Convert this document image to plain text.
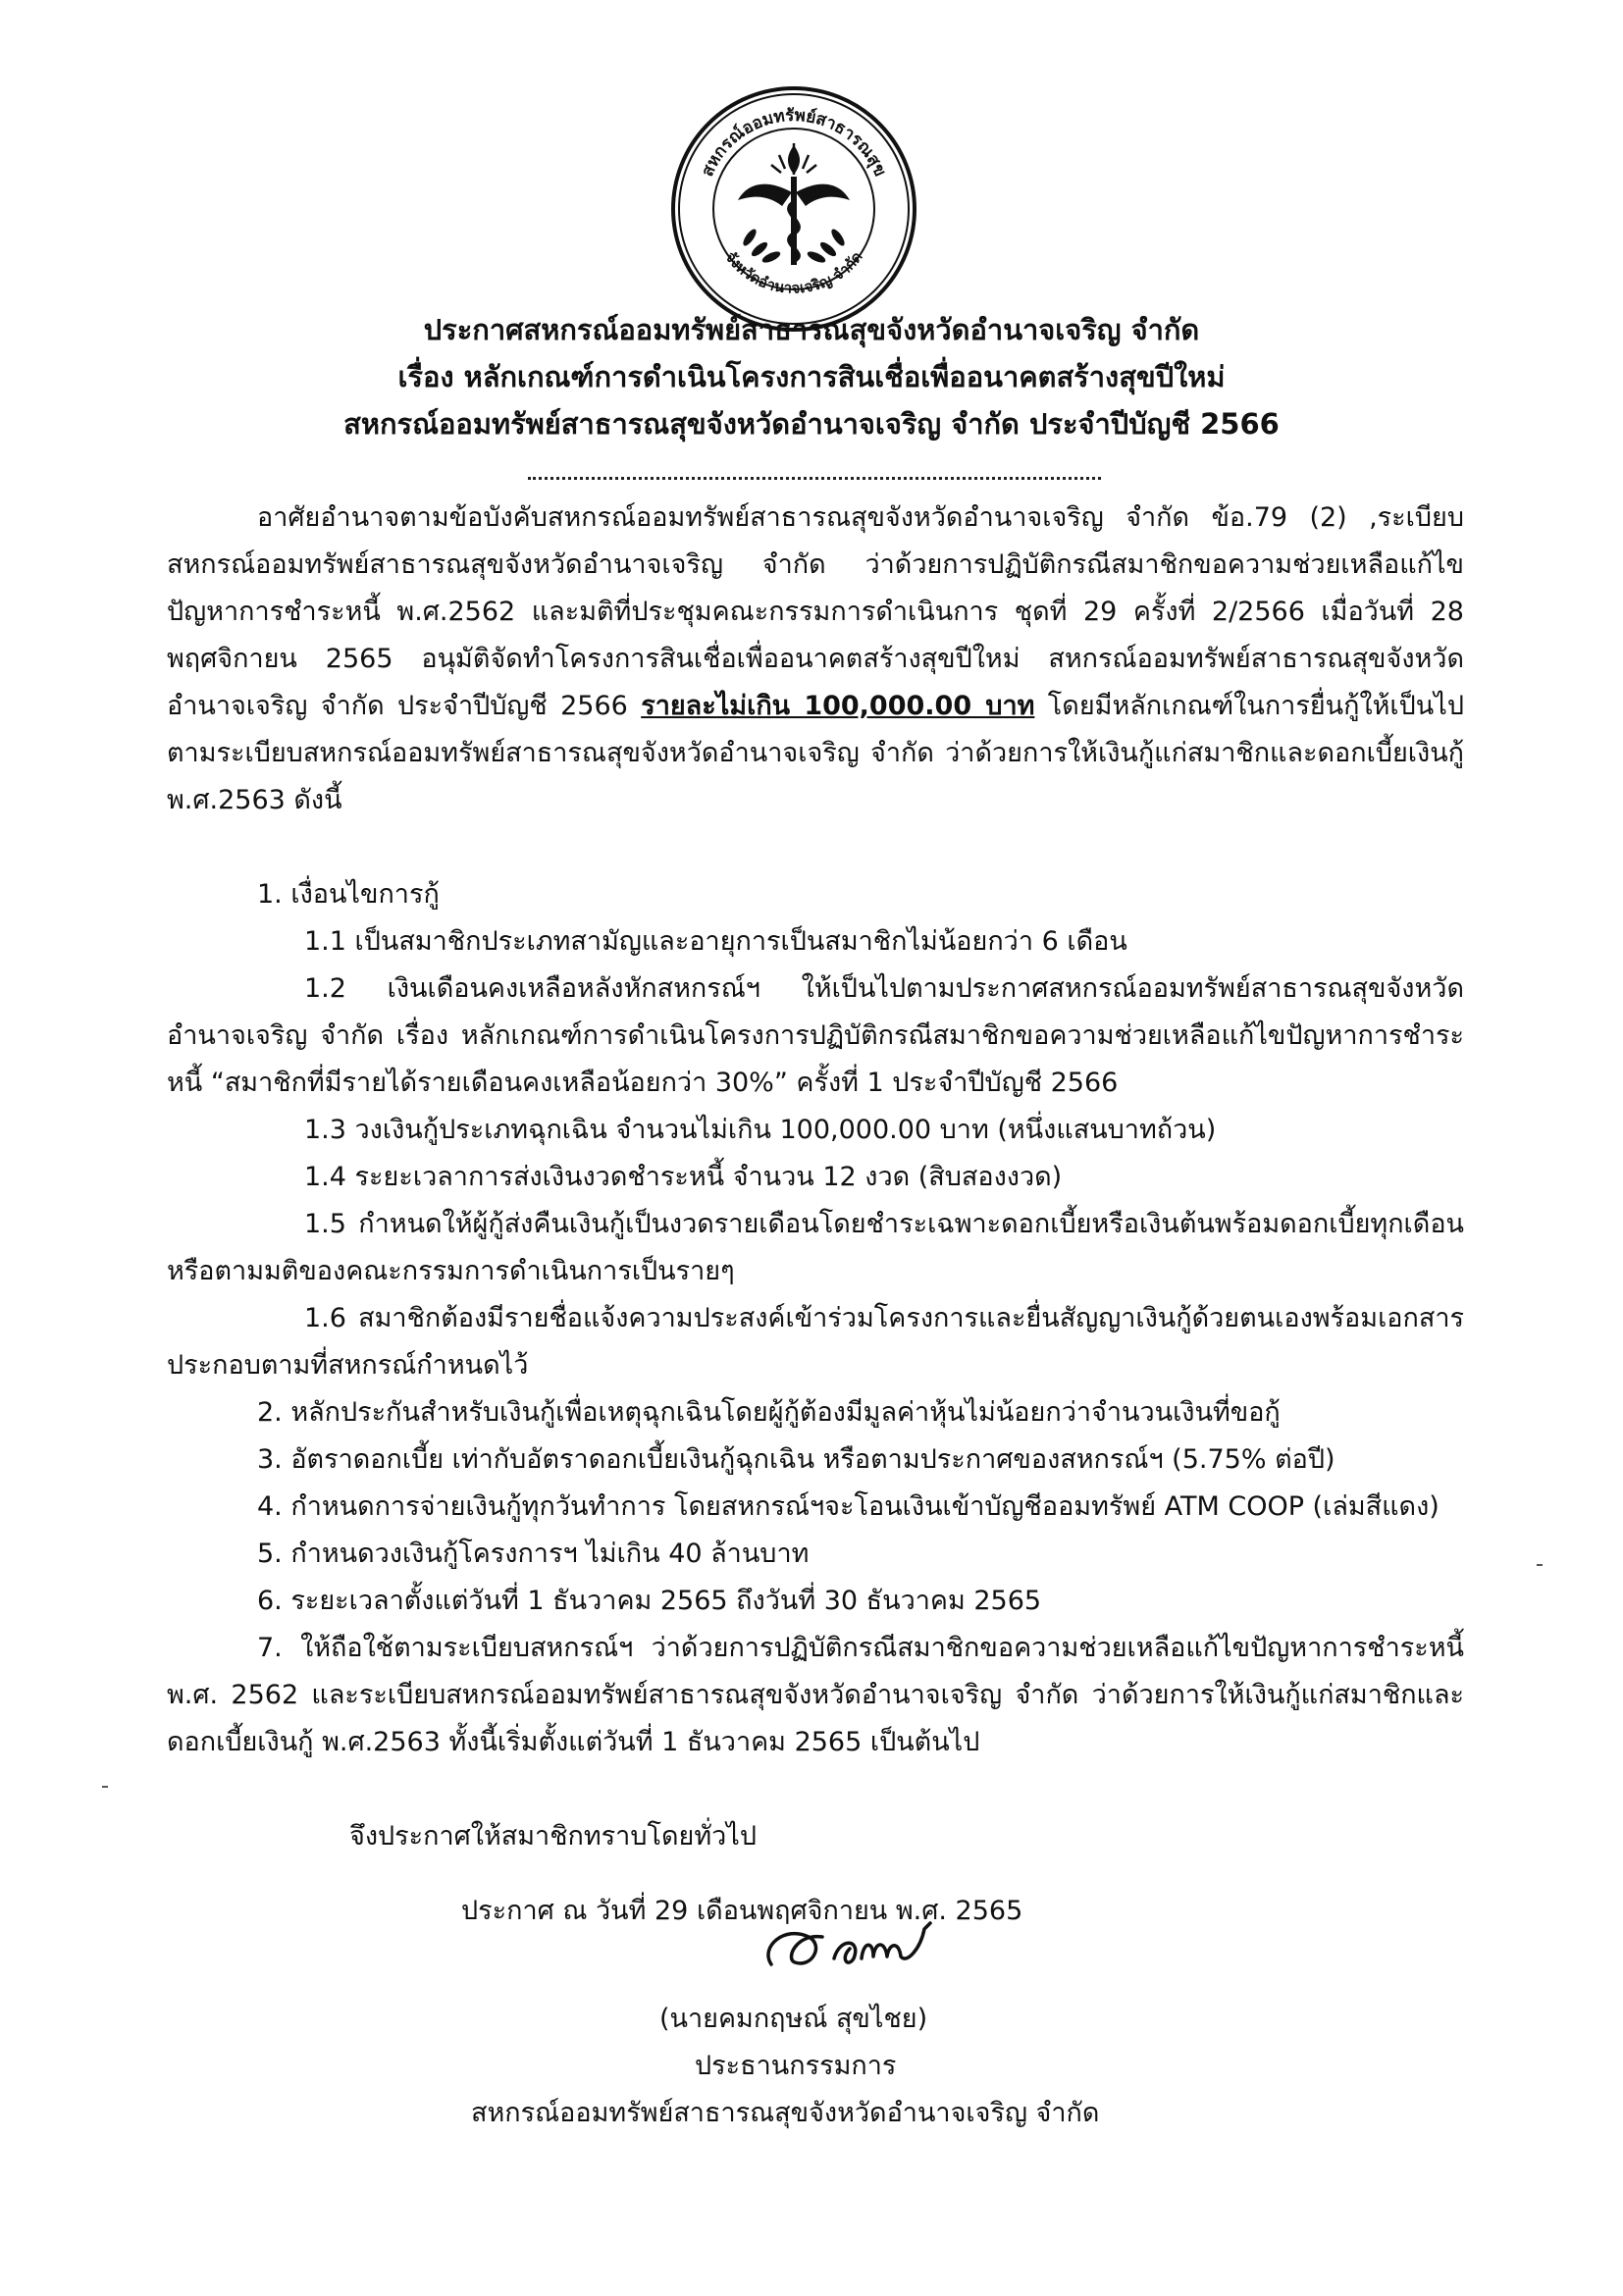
สหกรณ์ออมทรัพย์สาธารณสุข
จังหวัดอำนาจเจริญ จำกัด
ประกาศสหกรณ์ออมทรัพย์สาธารณสุขจังหวัดอำนาจเจริญ จำกัด
เรื่อง หลักเกณฑ์การดำเนินโครงการสินเชื่อเพื่ออนาคตสร้างสุขปีใหม่
สหกรณ์ออมทรัพย์สาธารณสุขจังหวัดอำนาจเจริญ จำกัด ประจำปีบัญชี 2566

อาศัยอำนาจตามข้อบังคับสหกรณ์ออมทรัพย์สาธารณสุขจังหวัดอำนาจเจริญ จำกัด ข้อ.79 (2) ,ระเบียบสหกรณ์ออมทรัพย์สาธารณสุขจังหวัดอำนาจเจริญ จำกัด ว่าด้วยการปฏิบัติกรณีสมาชิกขอความช่วยเหลือแก้ไขปัญหาการชำระหนี้ พ.ศ.2562 และมติที่ประชุมคณะกรรมการดำเนินการ ชุดที่ 29 ครั้งที่ 2/2566 เมื่อวันที่ 28 พฤศจิกายน 2565 อนุมัติจัดทำโครงการสินเชื่อเพื่ออนาคตสร้างสุขปีใหม่ สหกรณ์ออมทรัพย์สาธารณสุขจังหวัดอำนาจเจริญ จำกัด ประจำปีบัญชี 2566 รายละไม่เกิน 100,000.00 บาท โดยมีหลักเกณฑ์ในการยื่นกู้ให้เป็นไปตามระเบียบสหกรณ์ออมทรัพย์สาธารณสุขจังหวัดอำนาจเจริญ จำกัด ว่าด้วยการให้เงินกู้แก่สมาชิกและดอกเบี้ยเงินกู้ พ.ศ.2563 ดังนี้

1. เงื่อนไขการกู้
1.1 เป็นสมาชิกประเภทสามัญและอายุการเป็นสมาชิกไม่น้อยกว่า 6 เดือน

1.2 เงินเดือนคงเหลือหลังหักสหกรณ์ฯ ให้เป็นไปตามประกาศสหกรณ์ออมทรัพย์สาธารณสุขจังหวัดอำนาจเจริญ จำกัด เรื่อง หลักเกณฑ์การดำเนินโครงการปฏิบัติกรณีสมาชิกขอความช่วยเหลือแก้ไขปัญหาการชำระหนี้ “สมาชิกที่มีรายได้รายเดือนคงเหลือน้อยกว่า 30%” ครั้งที่ 1 ประจำปีบัญชี 2566

1.3 วงเงินกู้ประเภทฉุกเฉิน จำนวนไม่เกิน 100,000.00 บาท (หนึ่งแสนบาทถ้วน)
1.4 ระยะเวลาการส่งเงินงวดชำระหนี้ จำนวน 12 งวด (สิบสองงวด)

1.5 กำหนดให้ผู้กู้ส่งคืนเงินกู้เป็นงวดรายเดือนโดยชำระเฉพาะดอกเบี้ยหรือเงินต้นพร้อมดอกเบี้ยทุกเดือนหรือตามมติของคณะกรรมการดำเนินการเป็นรายๆ

1.6 สมาชิกต้องมีรายชื่อแจ้งความประสงค์เข้าร่วมโครงการและยื่นสัญญาเงินกู้ด้วยตนเองพร้อมเอกสารประกอบตามที่สหกรณ์กำหนดไว้

2. หลักประกันสำหรับเงินกู้เพื่อเหตุฉุกเฉินโดยผู้กู้ต้องมีมูลค่าหุ้นไม่น้อยกว่าจำนวนเงินที่ขอกู้
3. อัตราดอกเบี้ย เท่ากับอัตราดอกเบี้ยเงินกู้ฉุกเฉิน หรือตามประกาศของสหกรณ์ฯ (5.75% ต่อปี)
4. กำหนดการจ่ายเงินกู้ทุกวันทำการ โดยสหกรณ์ฯจะโอนเงินเข้าบัญชีออมทรัพย์ ATM COOP (เล่มสีแดง)
5. กำหนดวงเงินกู้โครงการฯ ไม่เกิน 40 ล้านบาท
6. ระยะเวลาตั้งแต่วันที่ 1 ธันวาคม 2565 ถึงวันที่ 30 ธันวาคม 2565

7. ให้ถือใช้ตามระเบียบสหกรณ์ฯ ว่าด้วยการปฏิบัติกรณีสมาชิกขอความช่วยเหลือแก้ไขปัญหาการชำระหนี้ พ.ศ. 2562 และระเบียบสหกรณ์ออมทรัพย์สาธารณสุขจังหวัดอำนาจเจริญ จำกัด ว่าด้วยการให้เงินกู้แก่สมาชิกและดอกเบี้ยเงินกู้ พ.ศ.2563 ทั้งนี้เริ่มตั้งแต่วันที่ 1 ธันวาคม 2565 เป็นต้นไป

จึงประกาศให้สมาชิกทราบโดยทั่วไป
ประกาศ ณ วันที่ 29 เดือนพฤศจิกายน พ.ศ. 2565
(นายคมกฤษณ์ สุขไชย)
ประธานกรรมการ
สหกรณ์ออมทรัพย์สาธารณสุขจังหวัดอำนาจเจริญ จำกัด
